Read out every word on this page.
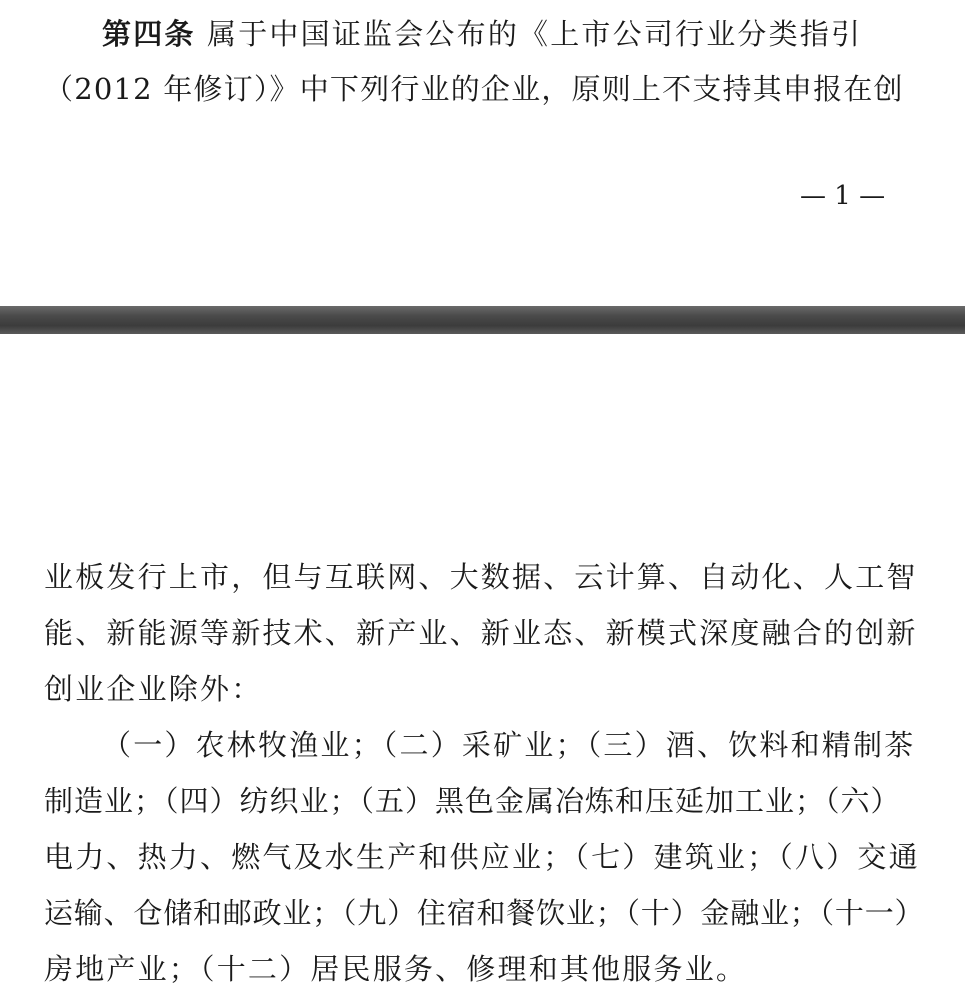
第四条 属于中国证监会公布的《上市公司行业分类指引
（2012 年修订）》中下列行业的企业，原则上不支持其申报在创
— 1 —
业板发行上市，但与互联网、大数据、云计算、自动化、人工智
能、新能源等新技术、新产业、新业态、新模式深度融合的创新
创业企业除外：
（一）农林牧渔业；（二）采矿业；（三）酒、饮料和精制茶
制造业；（四）纺织业；（五）黑色金属冶炼和压延加工业；（六）
电力、热力、燃气及水生产和供应业；（七）建筑业；（八）交通
运输、仓储和邮政业；（九）住宿和餐饮业；（十）金融业；（十一）
房地产业；（十二）居民服务、修理和其他服务业。
